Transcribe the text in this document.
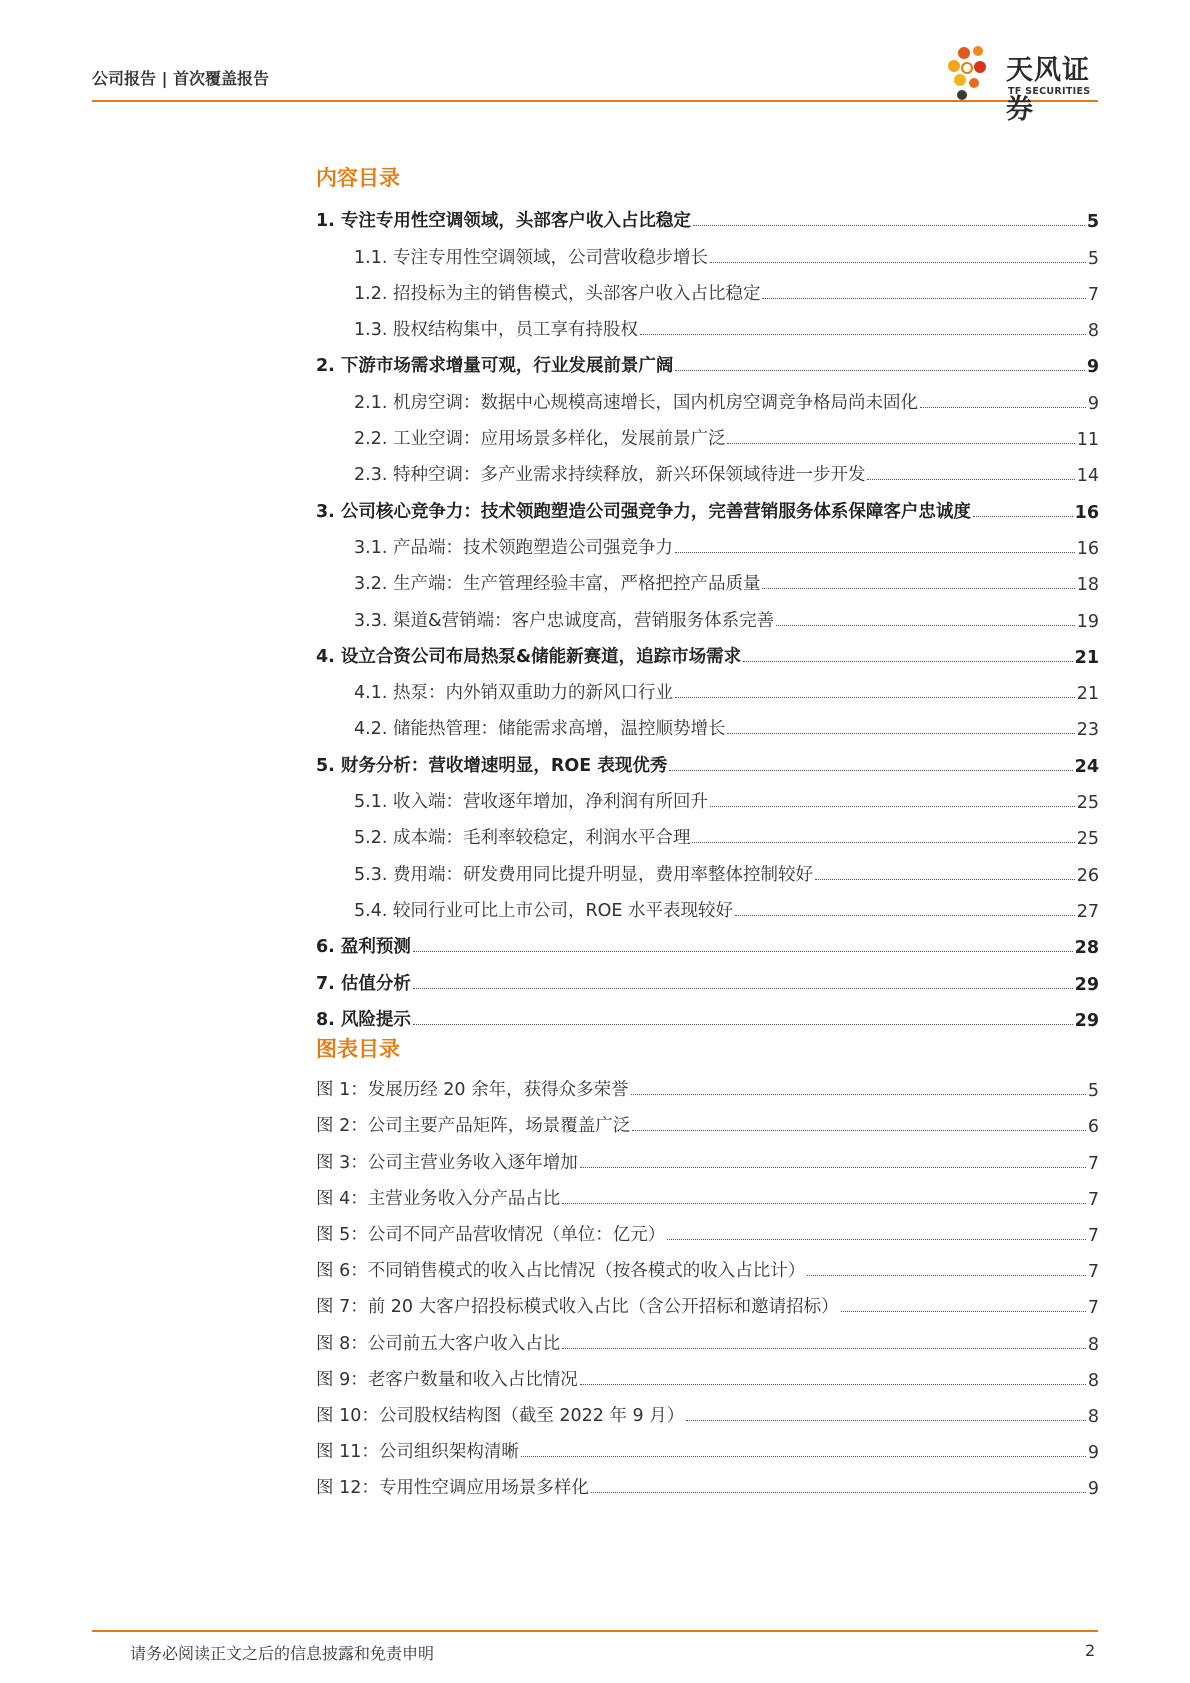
公司报告 | 首次覆盖报告	天风证券
TF SECURITIES
内容目录
1. 专注专用性空调领域，头部客户收入占比稳定	5
1.1. 专注专用性空调领域，公司营收稳步增长	5
1.2. 招投标为主的销售模式，头部客户收入占比稳定	7
1.3. 股权结构集中，员工享有持股权	8
2. 下游市场需求增量可观，行业发展前景广阔	9
2.1. 机房空调：数据中心规模高速增长，国内机房空调竞争格局尚未固化	9
2.2. 工业空调：应用场景多样化，发展前景广泛	11
2.3. 特种空调：多产业需求持续释放，新兴环保领域待进一步开发	14
3. 公司核心竞争力：技术领跑塑造公司强竞争力，完善营销服务体系保障客户忠诚度	16
3.1. 产品端：技术领跑塑造公司强竞争力	16
3.2. 生产端：生产管理经验丰富，严格把控产品质量	18
3.3. 渠道&营销端：客户忠诚度高，营销服务体系完善	19
4. 设立合资公司布局热泵&储能新赛道，追踪市场需求	21
4.1. 热泵：内外销双重助力的新风口行业	21
4.2. 储能热管理：储能需求高增，温控顺势增长	23
5. 财务分析：营收增速明显，ROE 表现优秀	24
5.1. 收入端：营收逐年增加，净利润有所回升	25
5.2. 成本端：毛利率较稳定，利润水平合理	25
5.3. 费用端：研发费用同比提升明显，费用率整体控制较好	26
5.4. 较同行业可比上市公司，ROE 水平表现较好	27
6. 盈利预测	28
7. 估值分析	29
8. 风险提示	29
图表目录
图 1：发展历经 20 余年，获得众多荣誉	5
图 2：公司主要产品矩阵，场景覆盖广泛	6
图 3：公司主营业务收入逐年增加	7
图 4：主营业务收入分产品占比	7
图 5：公司不同产品营收情况（单位：亿元）	7
图 6：不同销售模式的收入占比情况（按各模式的收入占比计）	7
图 7：前 20 大客户招投标模式收入占比（含公开招标和邀请招标）	7
图 8：公司前五大客户收入占比	8
图 9：老客户数量和收入占比情况	8
图 10：公司股权结构图（截至 2022 年 9 月）	8
图 11：公司组织架构清晰	9
图 12：专用性空调应用场景多样化	9
请务必阅读正文之后的信息披露和免责申明	2
